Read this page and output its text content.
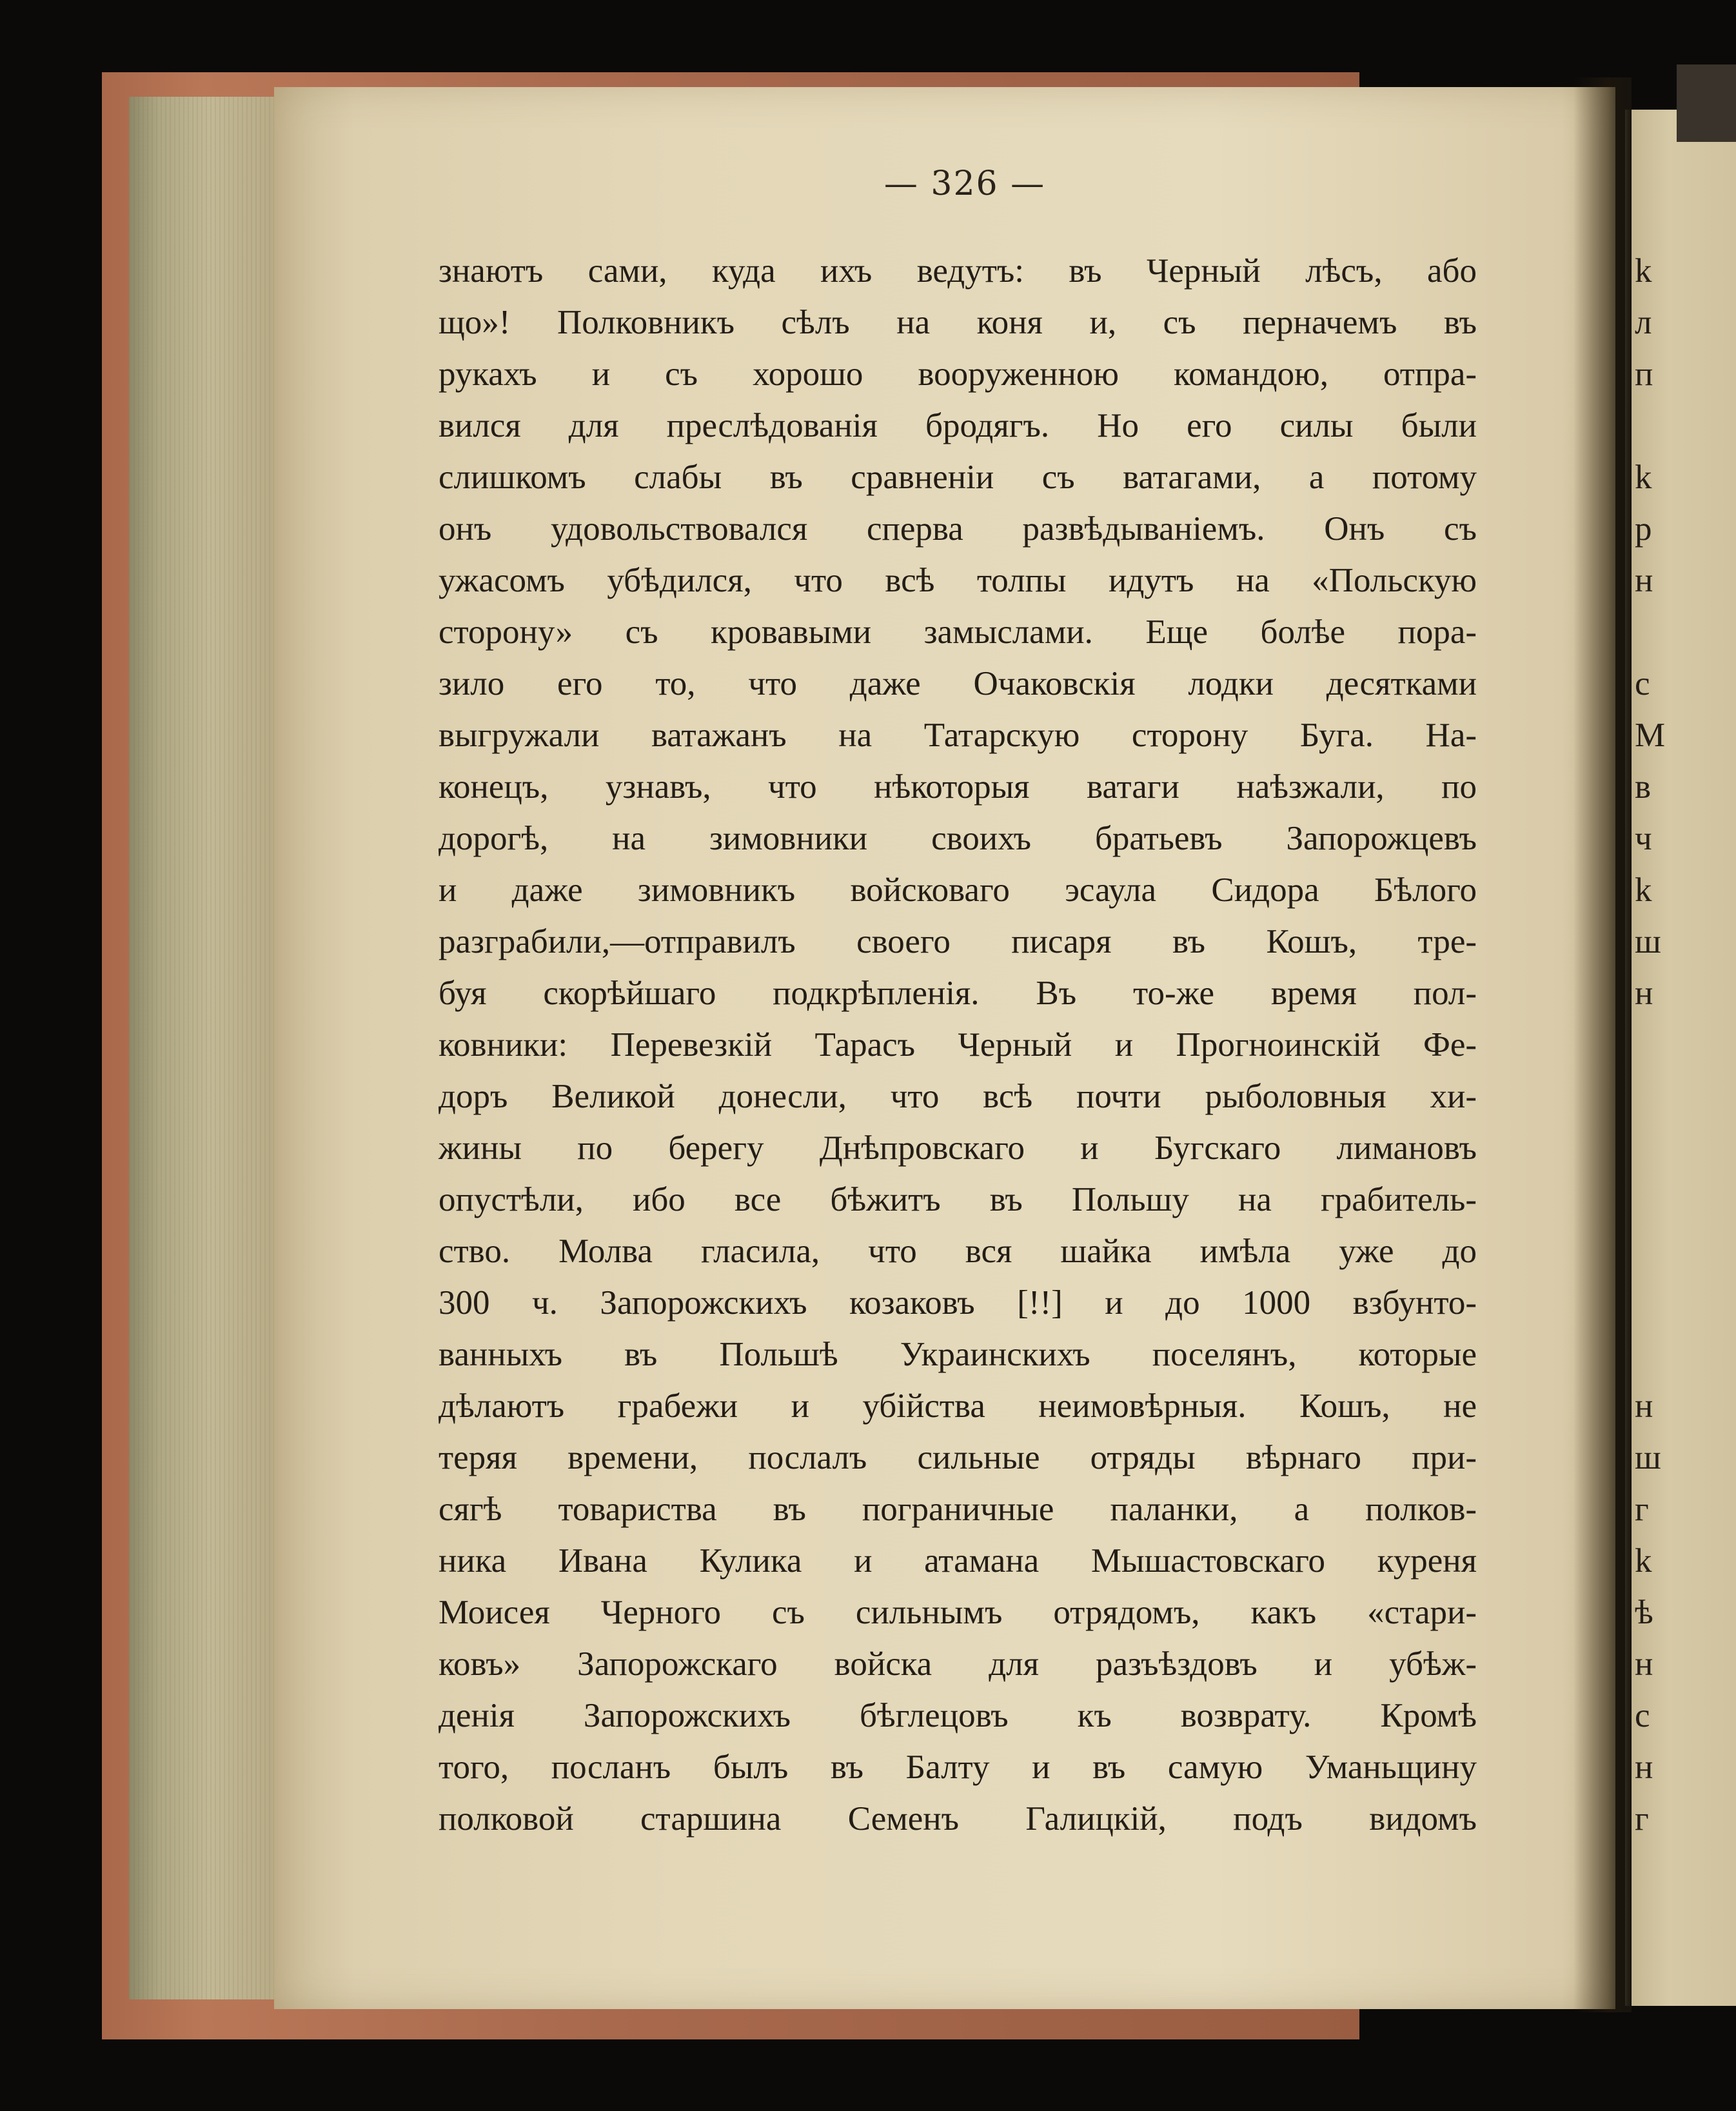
— 326 —
знаютъ сами, куда ихъ ведутъ: въ Черный лѣсъ, або
що»! Полковникъ сѣлъ на коня и, съ перначемъ въ
рукахъ и съ хорошо вооруженною командою, отпра-
вился для преслѣдованія бродягъ. Но его силы были
слишкомъ слабы въ сравненіи съ ватагами, а потому
онъ удовольствовался сперва развѣдываніемъ. Онъ съ
ужасомъ убѣдился, что всѣ толпы идутъ на «Польскую
сторону» съ кровавыми замыслами. Еще болѣе пора-
зило его то, что даже Очаковскія лодки десятками
выгружали ватажанъ на Татарскую сторону Буга. На-
конецъ, узнавъ, что нѣкоторыя ватаги наѣзжали, по
дорогѣ, на зимовники своихъ братьевъ Запорожцевъ
и даже зимовникъ войсковаго эсаула Сидора Бѣлого
разграбили,—отправилъ своего писаря въ Кошъ, тре-
буя скорѣйшаго подкрѣпленія. Въ то-же время пол-
ковники: Перевезкій Тарасъ Черный и Прогноинскій Фе-
доръ Великой донесли, что всѣ почти рыболовныя хи-
жины по берегу Днѣпровскаго и Бугскаго лимановъ
опустѣли, ибо все бѣжитъ въ Польшу на грабитель-
ство. Молва гласила, что вся шайка имѣла уже до
300 ч. Запорожскихъ козаковъ [!!] и до 1000 взбунто-
ванныхъ въ Польшѣ Украинскихъ поселянъ, которые
дѣлаютъ грабежи и убійства неимовѣрныя. Кошъ, не
теряя времени, послалъ сильные отряды вѣрнаго при-
сягѣ товариства въ пограничные паланки, а полков-
ника Ивана Кулика и атамана Мышастовскаго куреня
Моисея Черного съ сильнымъ отрядомъ, какъ «стари-
ковъ» Запорожскаго войска для разъѣздовъ и убѣж-
денія Запорожскихъ бѣглецовъ къ возврату. Кромѣ
того, посланъ былъ въ Балту и въ самую Уманьщину
полковой старшина Семенъ Галицкій, подъ видомъ
k
л
п
k
p
н
c
M
в
ч
k
ш
н
н
ш
г
k
ѣ
н
c
н
г
